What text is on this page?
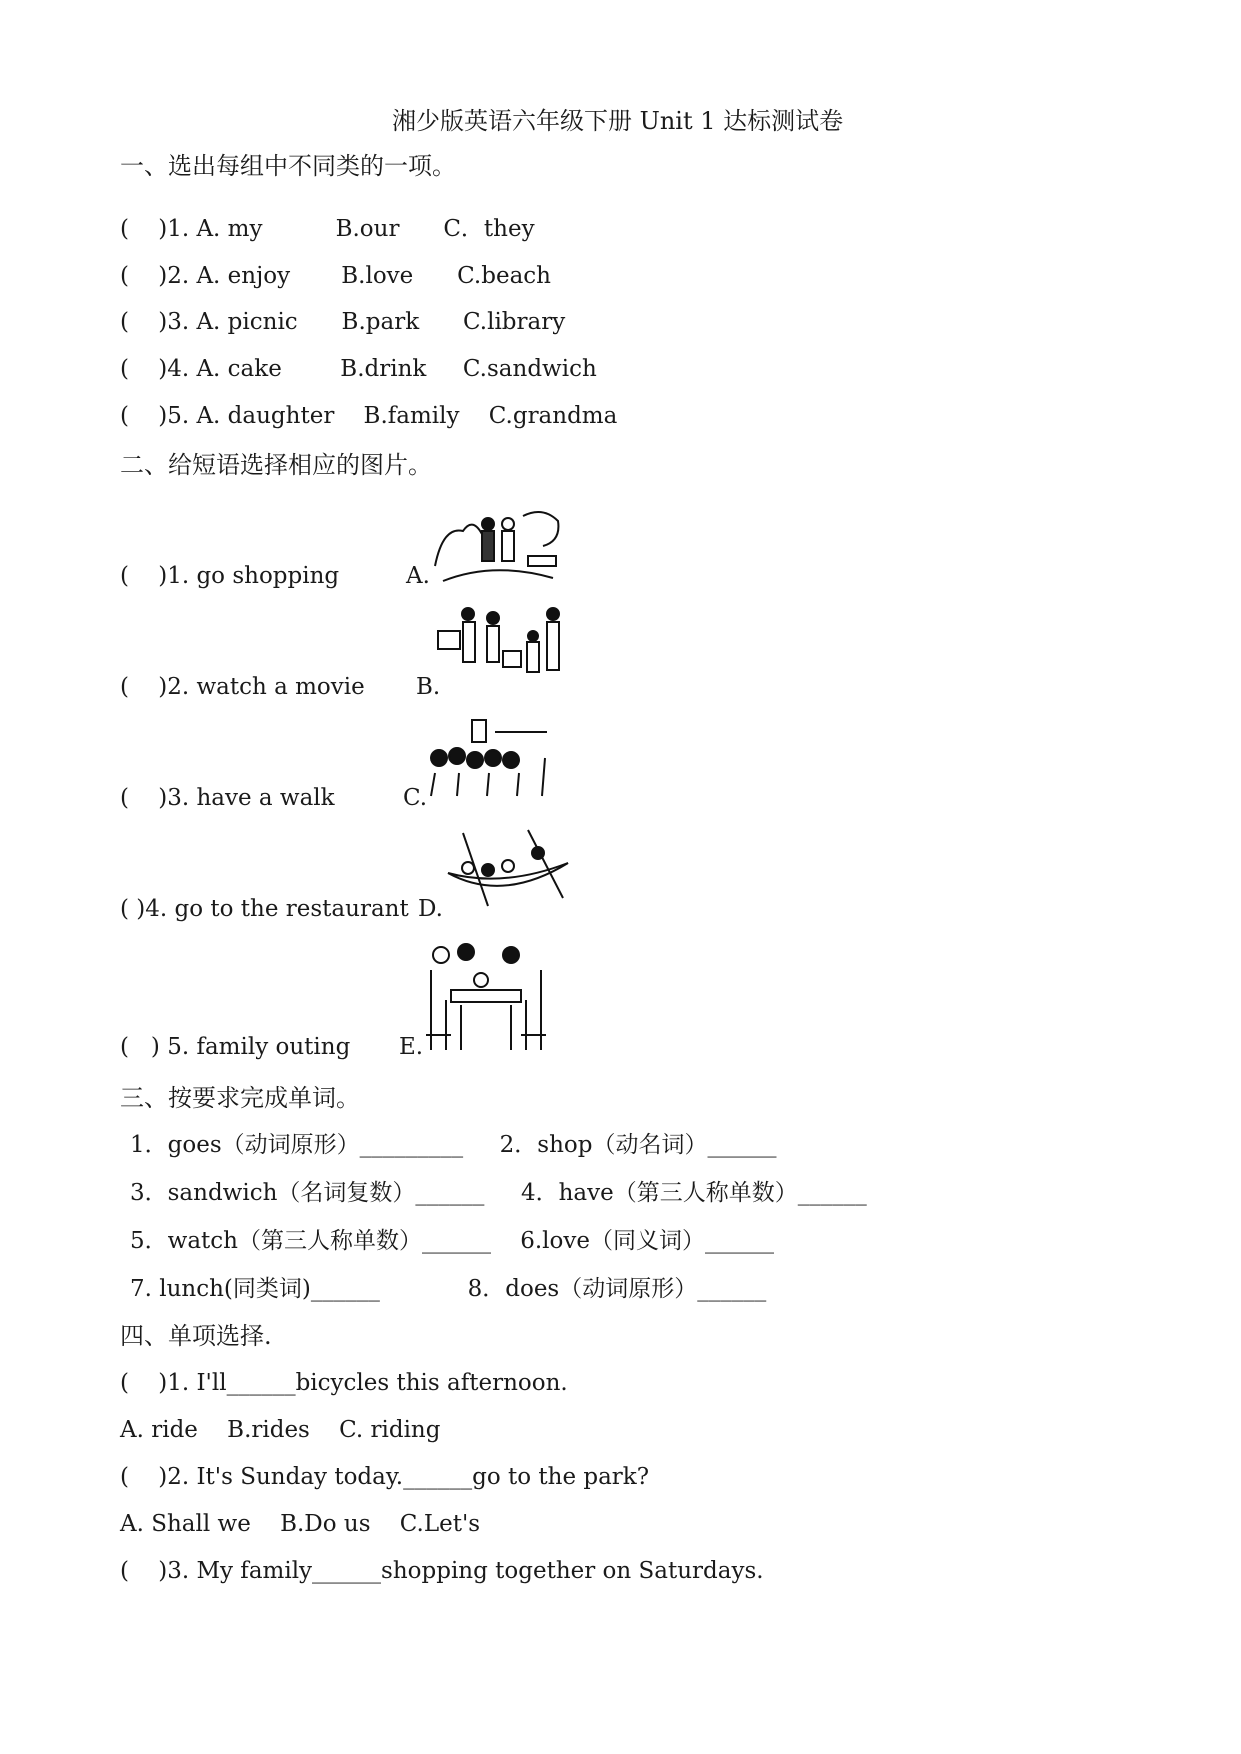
湘少版英语六年级下册 Unit 1 达标测试卷
一、选出每组中不同类的一项。
(    )1. A. my          B.our      C．they
(    )2. A. enjoy       B.love      C.beach
(    )3. A. picnic      B.park      C.library
(    )4. A. cake        B.drink     C.sandwich
(    )5. A. daughter    B.family    C.grandma
二、给短语选择相应的图片。
(    )1. go shopping	A.
(    )2. watch a movie B.
(    )3. have a walk	C.
( )4. go to the restaurant D.
(   ) 5. family outing E.
三、按要求完成单词。
1．goes（动词原形）_________     2．shop（动名词）______
3．sandwich（名词复数）______     4．have（第三人称单数）______
5．watch（第三人称单数）______    6.love（同义词）______
7. lunch(同类词)______            8．does（动词原形）______
四、单项选择.
(    )1. I'll______bicycles this afternoon.
A. ride    B.rides    C. riding
(    )2. It's Sunday today.______go to the park?
A. Shall we    B.Do us    C.Let's
(    )3. My family______shopping together on Saturdays.
